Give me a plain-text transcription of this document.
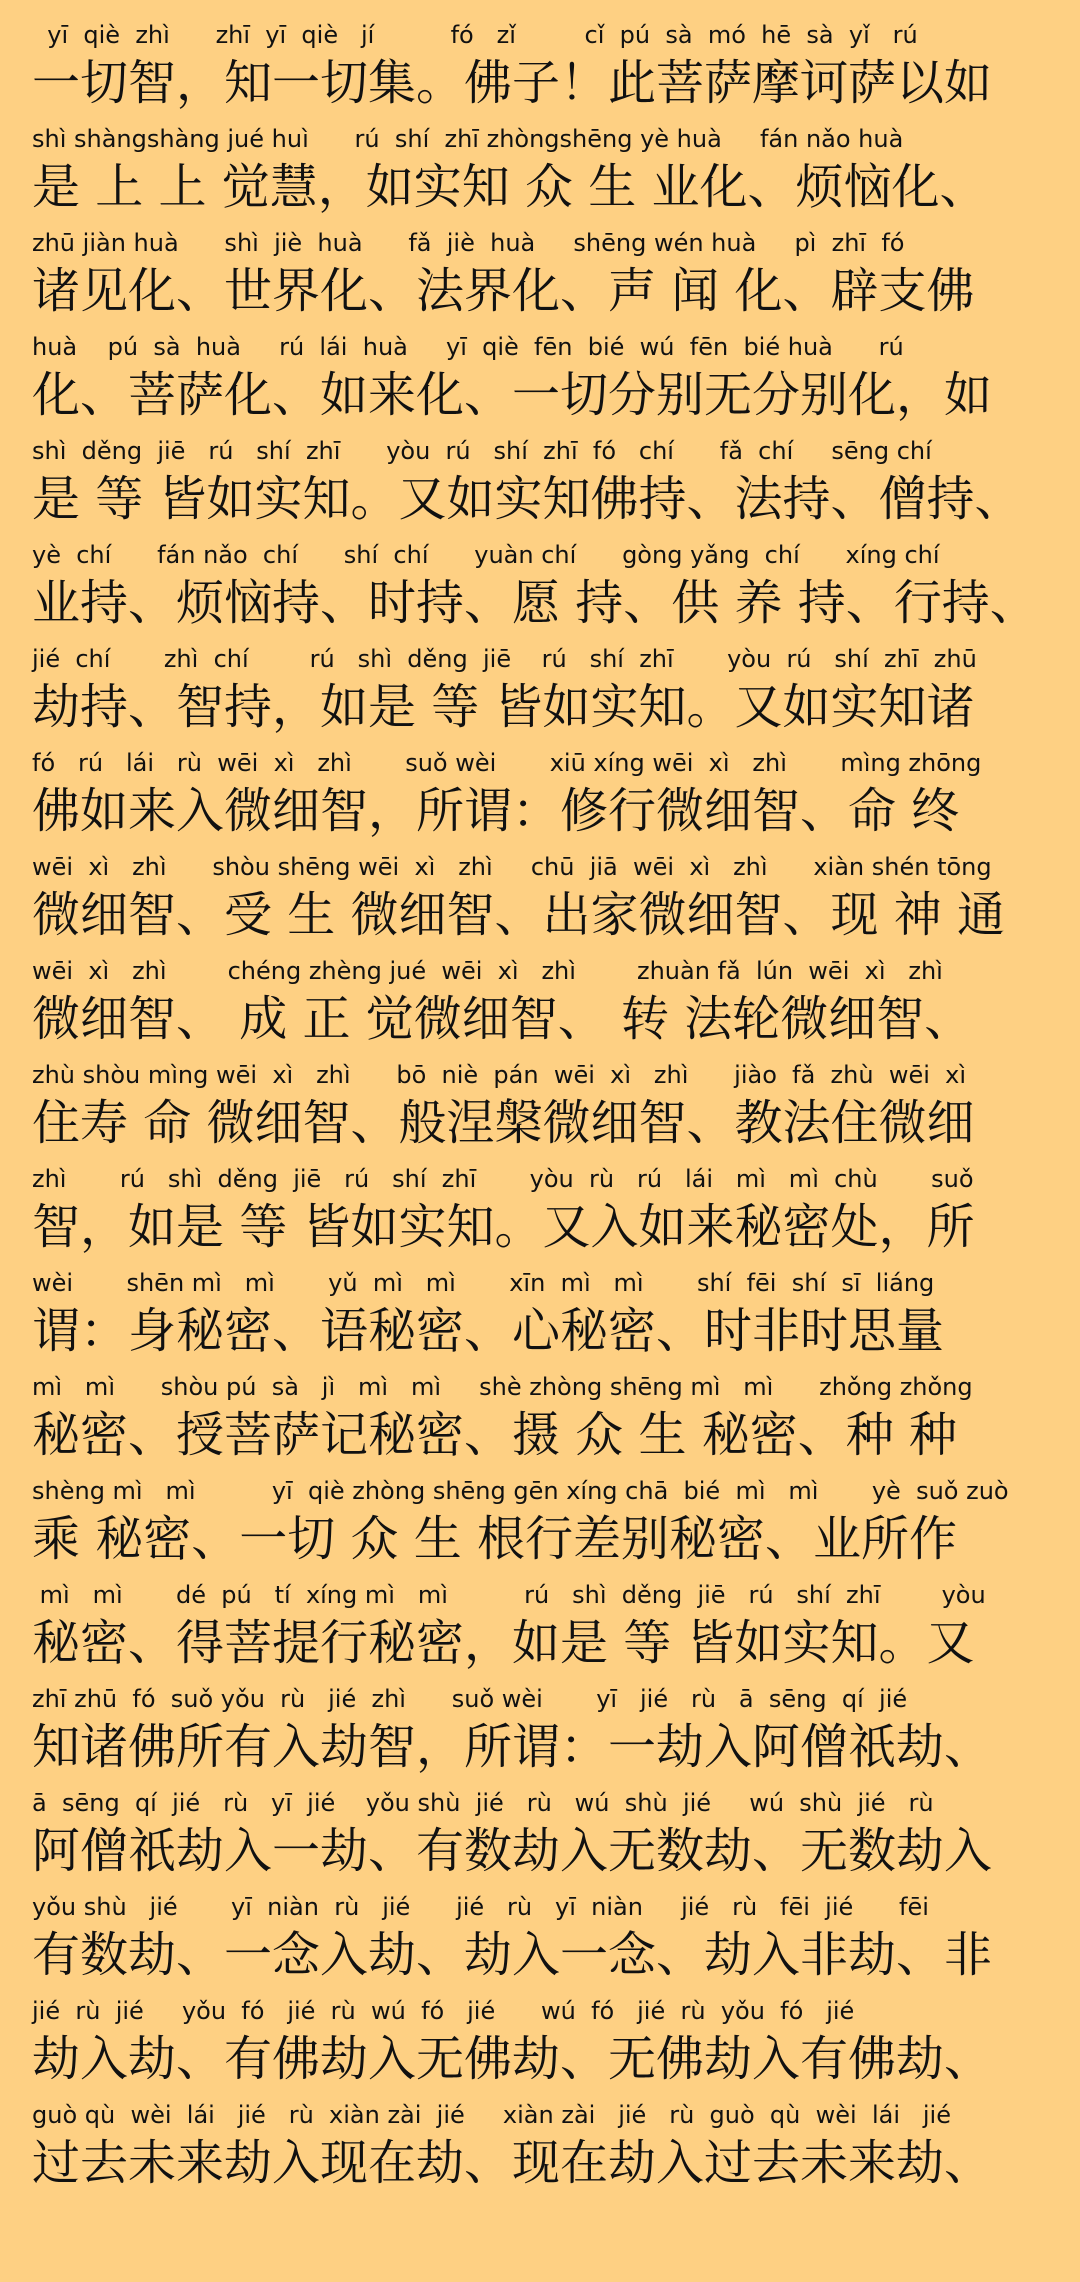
yī  qiè  zhì      zhī  yī  qiè   jí          fó   zǐ         cǐ  pú  sà  mó  hē  sà  yǐ   rú
一切智，知一切集。佛子！此菩萨摩诃萨以如
shì shàngshàng jué huì      rú  shí  zhī zhòngshēng yè huà     fán nǎo huà
是 上 上 觉慧，如实知 众 生 业化、烦恼化、
zhū jiàn huà      shì  jiè  huà      fǎ  jiè  huà     shēng wén huà     pì  zhī  fó
诸见化、世界化、法界化、声 闻 化、辟支佛
huà    pú  sà  huà     rú  lái  huà     yī  qiè  fēn  bié  wú  fēn  bié huà      rú
化、菩萨化、如来化、一切分别无分别化，如
shì  děng  jiē   rú   shí  zhī      yòu  rú   shí  zhī  fó   chí      fǎ  chí     sēng chí
是 等 皆如实知。又如实知佛持、法持、僧持、
yè  chí      fán nǎo  chí      shí  chí      yuàn chí      gòng yǎng  chí      xíng chí
业持、烦恼持、时持、愿 持、供 养 持、行持、
jié  chí       zhì  chí        rú   shì  děng  jiē    rú   shí  zhī       yòu  rú   shí  zhī  zhū
劫持、智持，如是 等 皆如实知。又如实知诸
fó   rú   lái   rù  wēi  xì   zhì       suǒ wèi       xiū xíng wēi  xì   zhì       mìng zhōng
佛如来入微细智，所谓：修行微细智、命 终
wēi  xì   zhì      shòu shēng wēi  xì   zhì     chū  jiā  wēi  xì   zhì      xiàn shén tōng
微细智、受 生 微细智、出家微细智、现 神 通
wēi  xì   zhì        chéng zhèng jué  wēi  xì   zhì        zhuàn fǎ  lún  wēi  xì   zhì
微细智、 成 正 觉微细智、 转 法轮微细智、
zhù shòu mìng wēi  xì   zhì      bō  niè  pán  wēi  xì   zhì      jiào  fǎ  zhù  wēi  xì
住寿 命 微细智、般涅槃微细智、教法住微细
zhì       rú   shì  děng  jiē   rú   shí  zhī       yòu  rù   rú   lái   mì   mì  chù       suǒ
智，如是 等 皆如实知。又入如来秘密处，所
wèi       shēn mì   mì       yǔ  mì   mì       xīn  mì   mì       shí  fēi  shí  sī  liáng
谓：身秘密、语秘密、心秘密、时非时思量
mì   mì      shòu pú  sà   jì   mì   mì     shè zhòng shēng mì   mì      zhǒng zhǒng
秘密、授菩萨记秘密、摄 众 生 秘密、种 种
shèng mì   mì          yī  qiè zhòng shēng gēn xíng chā  bié  mì   mì       yè  suǒ zuò
乘 秘密、一切 众 生 根行差别秘密、业所作
mì   mì       dé  pú   tí  xíng mì   mì          rú   shì  děng  jiē   rú   shí  zhī        yòu
秘密、得菩提行秘密，如是 等 皆如实知。又
zhī zhū  fó  suǒ yǒu  rù   jié  zhì      suǒ wèi       yī   jié   rù   ā  sēng  qí  jié
知诸佛所有入劫智，所谓：一劫入阿僧祇劫、
ā  sēng  qí  jié   rù   yī  jié    yǒu shù  jié   rù   wú  shù  jié     wú  shù  jié   rù
阿僧祇劫入一劫、有数劫入无数劫、无数劫入
yǒu shù   jié       yī  niàn  rù   jié      jié   rù   yī  niàn     jié   rù   fēi  jié      fēi
有数劫、一念入劫、劫入一念、劫入非劫、非
jié  rù  jié     yǒu  fó   jié  rù  wú  fó   jié      wú  fó   jié  rù  yǒu  fó   jié
劫入劫、有佛劫入无佛劫、无佛劫入有佛劫、
guò qù  wèi  lái   jié   rù  xiàn zài  jié     xiàn zài   jié   rù  guò  qù  wèi  lái   jié
过去未来劫入现在劫、现在劫入过去未来劫、
